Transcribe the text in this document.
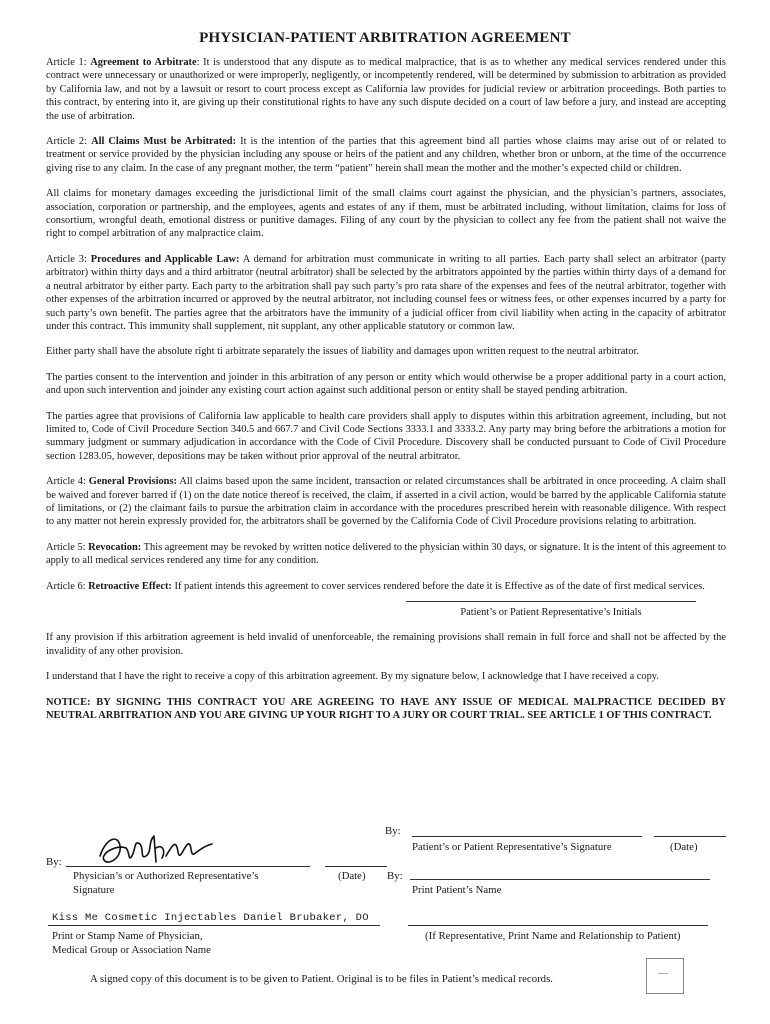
PHYSICIAN-PATIENT ARBITRATION AGREEMENT

Article 1: Agreement to Arbitrate: It is understood that any dispute as to medical malpractice, that is as to whether any medical services rendered under this contract were unnecessary or unauthorized or were improperly, negligently, or incompetently rendered, will be determined by submission to arbitration as provided by California law, and not by a lawsuit or resort to court process except as California law provides for judicial review or arbitration proceedings. Both parties to this contract, by entering into it, are giving up their constitutional rights to have any such dispute decided on a court of law before a jury, and instead are accepting the use of arbitration.

Article 2: All Claims Must be Arbitrated: It is the intention of the parties that this agreement bind all parties whose claims may arise out of or related to treatment or service provided by the physician including any spouse or heirs of the patient and any children, whether bron or unborn, at the time of the occurrence giving rise to any claim. In the case of any pregnant mother, the term “patient” herein shall mean the mother and the mother’s expected child or children.

All claims for monetary damages exceeding the jurisdictional limit of the small claims court against the physician, and the physician’s partners, associates, association, corporation or partnership, and the employees, agents and estates of any if them, must be arbitrated including, without limitation, claims for loss of consortium, wrongful death, emotional distress or punitive damages. Filing of any court by the physician to collect any fee from the patient shall not waive the right to compel arbitration of any malpractice claim.

Article 3: Procedures and Applicable Law: A demand for arbitration must communicate in writing to all parties. Each party shall select an arbitrator (party arbitrator) within thirty days and a third arbitrator (neutral arbitrator) shall be selected by the arbitrators appointed by the parties within thirty days of a demand for a neutral arbitrator by either party. Each party to the arbitration shall pay such party’s pro rata share of the expenses and fees of the neutral arbitrator, together with other expenses of the arbitration incurred or approved by the neutral arbitrator, not including counsel fees or witness fees, or other expenses incurred by a party for such party’s own benefit. The parties agree that the arbitrators have the immunity of a judicial officer from civil liability when acting in the capacity of arbitrator under this contract. This immunity shall supplement, nit supplant, any other applicable statutory or common law.

Either party shall have the absolute right ti arbitrate separately the issues of liability and damages upon written request to the neutral arbitrator.

The parties consent to the intervention and joinder in this arbitration of any person or entity which would otherwise be a proper additional party in a court action, and upon such intervention and joinder any existing court action against such additional person or entity shall be stayed pending arbitration.

The parties agree that provisions of California law applicable to health care providers shall apply to disputes within this arbitration agreement, including, but not limited to, Code of Civil Procedure Section 340.5 and 667.7 and Civil Code Sections 3333.1 and 3333.2. Any party may bring before the arbitrations a motion for summary judgment or summary adjudication in accordance with the Code of Civil Procedure. Discovery shall be conducted pursuant to Code of Civil Procedure section 1283.05, however, depositions may be taken without prior approval of the neutral arbitrator.

Article 4: General Provisions: All claims based upon the same incident, transaction or related circumstances shall be arbitrated in once proceeding. A claim shall be waived and forever barred if (1) on the date notice thereof is received, the claim, if asserted in a civil action, would be barred by the applicable California statute of limitations, or (2) the claimant fails to pursue the arbitration claim in accordance with the procedures prescribed herein with reasonable diligence. With respect to any matter not herein expressly provided for, the arbitrators shall be governed by the California Code of Civil Procedure provisions relating to arbitration.

Article 5: Revocation: This agreement may be revoked by written notice delivered to the physician within 30 days, or signature. It is the intent of this agreement to apply to all medical services rendered any time for any condition.

Article 6: Retroactive Effect: If patient intends this agreement to cover services rendered before the date it is Effective as of the date of first medical services.

Patient’s or Patient Representative’s Initials

If any provision if this arbitration agreement is held invalid of unenforceable, the remaining provisions shall remain in full force and shall not be affected by the invalidity of any other provision.

I understand that I have the right to receive a copy of this arbitration agreement. By my signature below, I acknowledge that I have received a copy.

NOTICE: BY SIGNING THIS CONTRACT YOU ARE AGREEING TO HAVE ANY ISSUE OF MEDICAL MALPRACTICE DECIDED BY NEUTRAL ARBITRATION AND YOU ARE GIVING UP YOUR RIGHT TO A JURY OR COURT TRIAL. SEE ARTICLE 1 OF THIS CONTRACT.

By:
Patient’s or Patient Representative’s Signature	(Date)
By:
Physician’s or Authorized Representative’s
Signature
(Date) By:
Print Patient’s Name
Kiss Me Cosmetic Injectables Daniel Brubaker, DO
Print or Stamp Name of Physician,
Medical Group or Association Name
(If Representative, Print Name and Relationship to Patient)
A signed copy of this document is to be given to Patient. Original is to be files in Patient’s medical records.	—
